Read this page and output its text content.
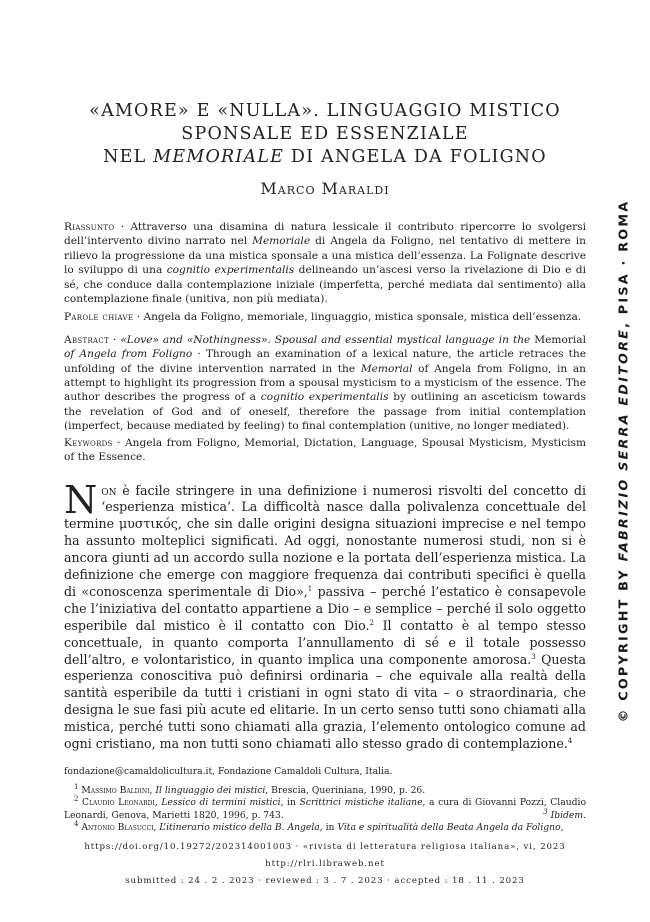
«AMORE» E «NULLA». LINGUAGGIO MISTICO
SPONSALE ED ESSENZIALE
NEL MEMORIALE DI ANGELA DA FOLIGNO
Marco Maraldi
Riassunto · Attraverso una disamina di natura lessicale il contributo ripercorre lo svolgersi dell’intervento divino narrato nel Memoriale di Angela da Foligno, nel tentativo di mettere in rilievo la progressione da una mistica sponsale a una mistica dell’essenza. La Folignate descrive lo sviluppo di una cognitio experimentalis delineando un’ascesi verso la rivelazione di Dio e di sé, che conduce dalla contemplazione iniziale (imperfetta, perché mediata dal sentimento) alla contemplazione finale (unitiva, non più mediata).
Parole chiave · Angela da Foligno, memoriale, linguaggio, mistica sponsale, mistica dell’essenza.
Abstract · «Love» and «Nothingness». Spousal and essential mystical language in the Memorial of Angela from Foligno · Through an examination of a lexical nature, the article retraces the unfolding of the divine intervention narrated in the Memorial of Angela from Foligno, in an attempt to highlight its progression from a spousal mysticism to a mysticism of the essence. The author describes the progress of a cognitio experimentalis by outlining an asceticism towards the revelation of God and of oneself, therefore the passage from initial contemplation (imperfect, because mediated by feeling) to final contemplation (unitive, no longer mediated).
Keywords · Angela from Foligno, Memorial, Dictation, Language, Spousal Mysticism, Mysticism of the Essence.
Non è facile stringere in una definizione i numerosi risvolti del concetto di ‘esperienza mistica’. La difficoltà nasce dalla polivalenza concettuale del termine μυστικός, che sin dalle origini designa situazioni imprecise e nel tempo ha assunto molteplici significati. Ad oggi, nonostante numerosi studi, non si è ancora giunti ad un accordo sulla nozione e la portata dell’esperienza mistica. La definizione che emerge con maggiore frequenza dai contributi specifici è quella di «conoscenza sperimentale di Dio»,$^1$ passiva – perché l’estatico è consapevole che l’iniziativa del contatto appartiene a Dio – e semplice – perché il solo oggetto esperibile dal mistico è il contatto con Dio.$^2$ Il contatto è al tempo stesso concettuale, in quanto comporta l’annullamento di sé e il totale possesso dell’altro, e volontaristico, in quanto implica una componente amorosa.$^3$ Questa esperienza conoscitiva può definirsi ordinaria – che equivale alla realtà della santità esperibile da tutti i cristiani in ogni stato di vita – o straordinaria, che designa le sue fasi più acute ed elitarie. In un certo senso tutti sono chiamati alla mistica, perché tutti sono chiamati alla grazia, l’elemento ontologico comune ad ogni cristiano, ma non tutti sono chiamati allo stesso grado di contemplazione.$^4$
fondazione@camaldolicultura.it, Fondazione Camaldoli Cultura, Italia.
$^1$ Massimo Baldini, Il linguaggio dei mistici, Brescia, Queriniana, 1990, p. 26.
$^2$ Claudio Leonardi, Lessico di termini mistici, in Scrittrici mistiche italiane, a cura di Giovanni Pozzi, Claudio Leonardi, Genova, Marietti 1820, 1996, p. 743.	$^3$ Ibidem.
$^4$ Antonio Blasucci, L’itinerario mistico della B. Angela, in Vita e spiritualità della Beata Angela da Foligno,
https://doi.org/10.19272/202314001003 · «rivista di letteratura religiosa italiana», vi, 2023
http://rlri.libraweb.net
submitted : 24 . 2 . 2023 · reviewed : 3 . 7 . 2023 · accepted : 18 . 11 . 2023
© COPYRIGHT BY FABRIZIO SERRA EDITORE, PISA · ROMA
